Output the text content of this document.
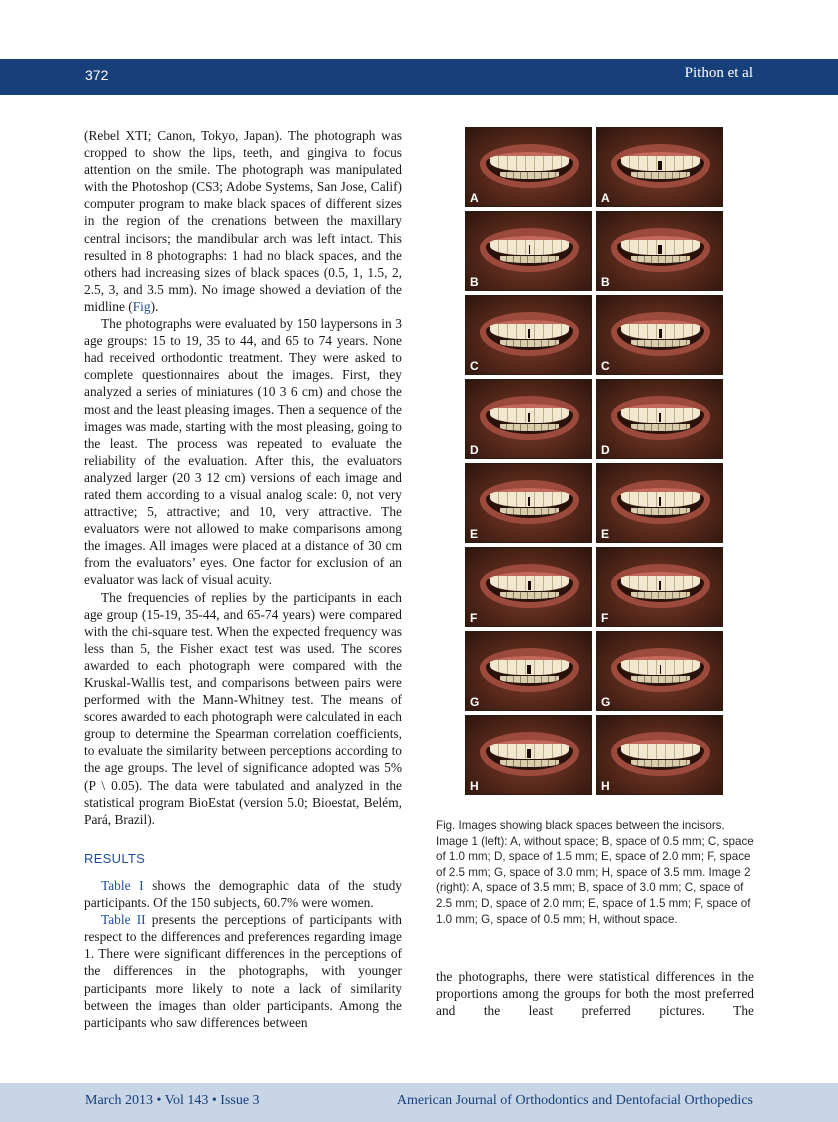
372	Pithon et al

(Rebel XTI; Canon, Tokyo, Japan). The photograph was cropped to show the lips, teeth, and gingiva to focus attention on the smile. The photograph was manipulated with the Photoshop (CS3; Adobe Systems, San Jose, Calif) computer program to make black spaces of different sizes in the region of the crenations between the maxillary central incisors; the mandibular arch was left intact. This resulted in 8 photographs: 1 had no black spaces, and the others had increasing sizes of black spaces (0.5, 1, 1.5, 2, 2.5, 3, and 3.5 mm). No image showed a deviation of the midline (Fig).

The photographs were evaluated by 150 laypersons in 3 age groups: 15 to 19, 35 to 44, and 65 to 74 years. None had received orthodontic treatment. They were asked to complete questionnaires about the images. First, they analyzed a series of miniatures (10 3 6 cm) and chose the most and the least pleasing images. Then a sequence of the images was made, starting with the most pleasing, going to the least. The process was repeated to evaluate the reliability of the evaluation. After this, the evaluators analyzed larger (20 3 12 cm) versions of each image and rated them according to a visual analog scale: 0, not very attractive; 5, attractive; and 10, very attractive. The evaluators were not allowed to make comparisons among the images. All images were placed at a distance of 30 cm from the evaluators’ eyes. One factor for exclusion of an evaluator was lack of visual acuity.

The frequencies of replies by the participants in each age group (15-19, 35-44, and 65-74 years) were compared with the chi-square test. When the expected frequency was less than 5, the Fisher exact test was used. The scores awarded to each photograph were compared with the Kruskal-Wallis test, and comparisons between pairs were performed with the Mann-Whitney test. The means of scores awarded to each photograph were calculated in each group to determine the Spearman correlation coefficients, to evaluate the similarity between perceptions according to the age groups. The level of significance adopted was 5% (P \ 0.05). The data were tabulated and analyzed in the statistical program BioEstat (version 5.0; Bioestat, Belém, Pará, Brazil).

RESULTS

Table I shows the demographic data of the study participants. Of the 150 subjects, 60.7% were women.

Table II presents the perceptions of participants with respect to the differences and preferences regarding image 1. There were significant differences in the perceptions of the differences in the photographs, with younger participants more likely to note a lack of similarity between the images than older participants. Among the participants who saw differences between

A	A
B	B
C	C
D	D
E	E
F	F
G	G
H	H
Fig. Images showing black spaces between the incisors. Image 1 (left): A, without space; B, space of 0.5 mm; C, space of 1.0 mm; D, space of 1.5 mm; E, space of 2.0 mm; F, space of 2.5 mm; G, space of 3.0 mm; H, space of 3.5 mm. Image 2 (right): A, space of 3.5 mm; B, space of 3.0 mm; C, space of 2.5 mm; D, space of 2.0 mm; E, space of 1.5 mm; F, space of 1.0 mm; G, space of 0.5 mm; H, without space.
the photographs, there were statistical differences in the proportions among the groups for both the most preferred and the least preferred pictures. The
March 2013 • Vol 143 • Issue 3	American Journal of Orthodontics and Dentofacial Orthopedics
